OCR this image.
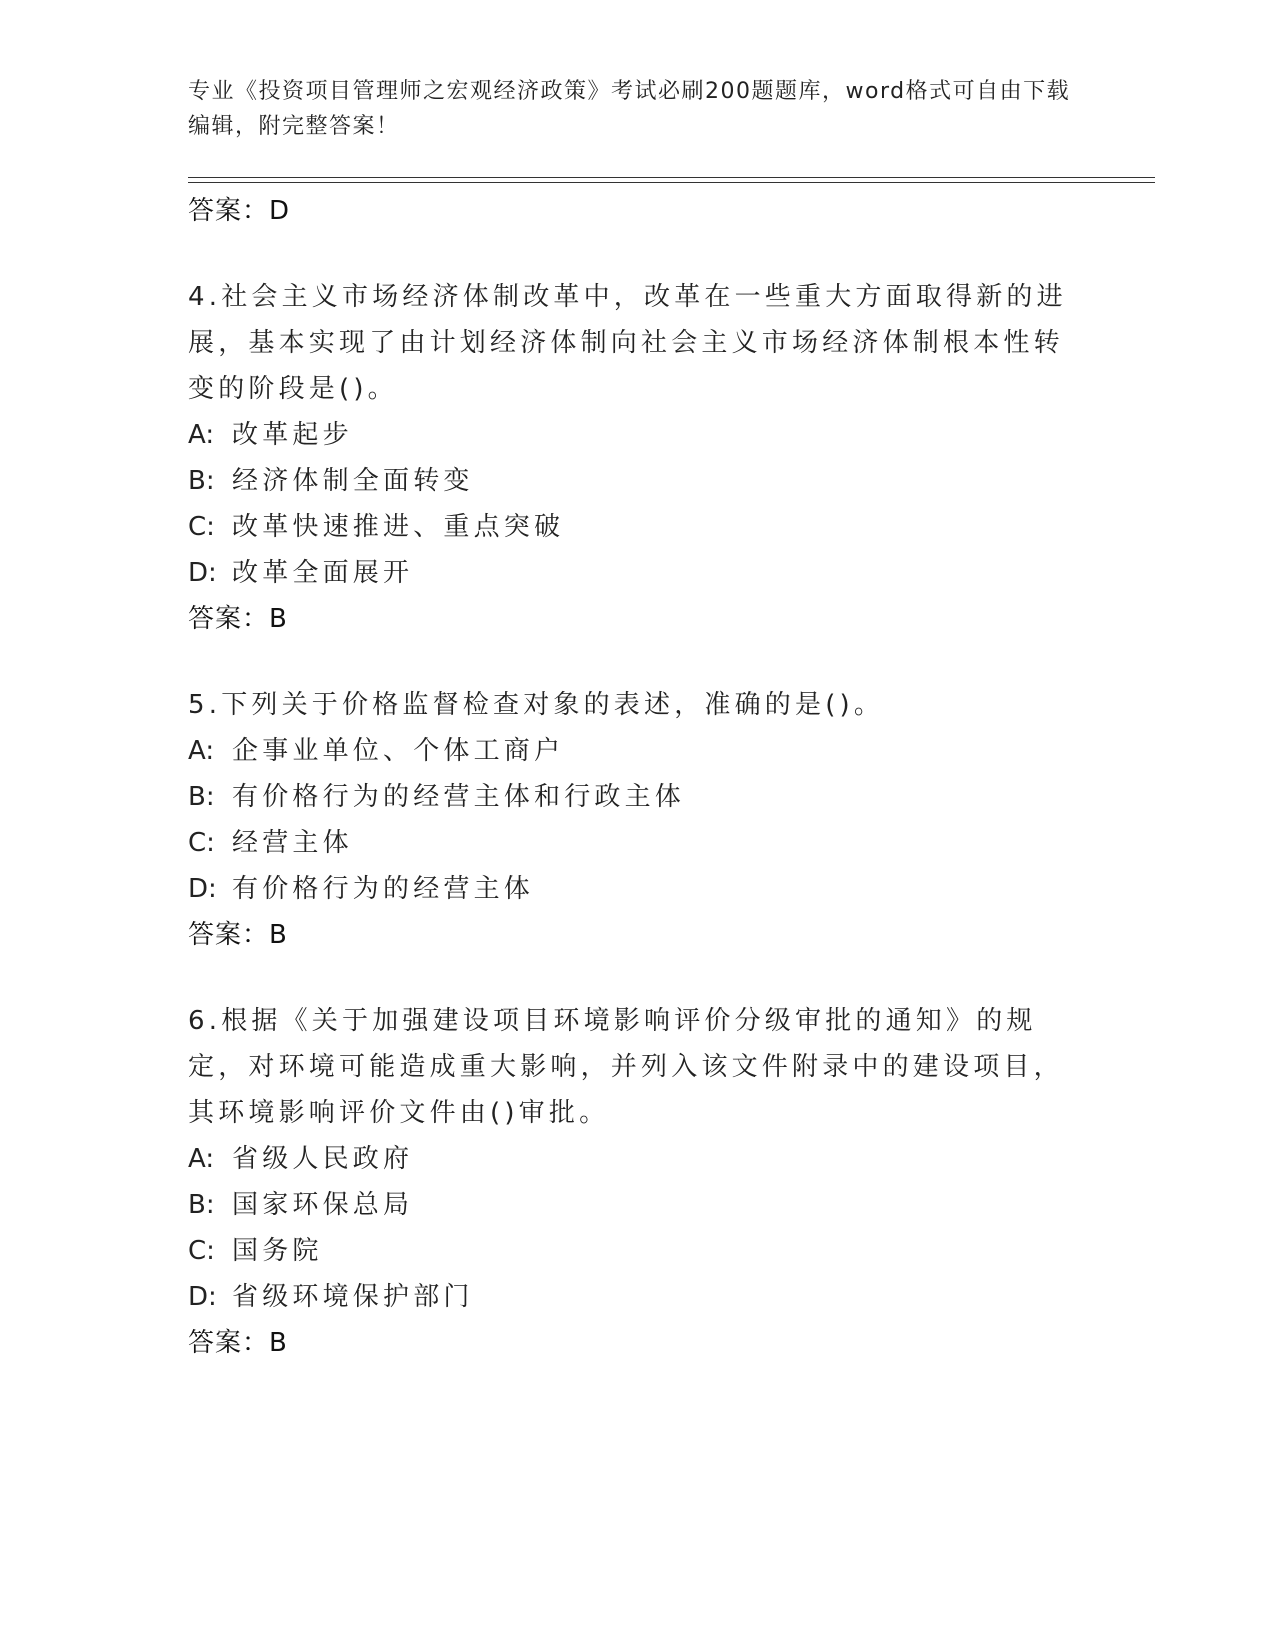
专业《投资项目管理师之宏观经济政策》考试必刷200题题库，word格式可自由下载编辑，附完整答案！
答案：D
4.社会主义市场经济体制改革中，改革在一些重大方面取得新的进展，基本实现了由计划经济体制向社会主义市场经济体制根本性转变的阶段是()。
A: 改革起步
B: 经济体制全面转变
C: 改革快速推进、重点突破
D: 改革全面展开
答案：B
5.下列关于价格监督检查对象的表述，准确的是()。
A: 企事业单位、个体工商户
B: 有价格行为的经营主体和行政主体
C: 经营主体
D: 有价格行为的经营主体
答案：B
6.根据《关于加强建设项目环境影响评价分级审批的通知》的规定，对环境可能造成重大影响，并列入该文件附录中的建设项目，其环境影响评价文件由()审批。
A: 省级人民政府
B: 国家环保总局
C: 国务院
D: 省级环境保护部门
答案：B
